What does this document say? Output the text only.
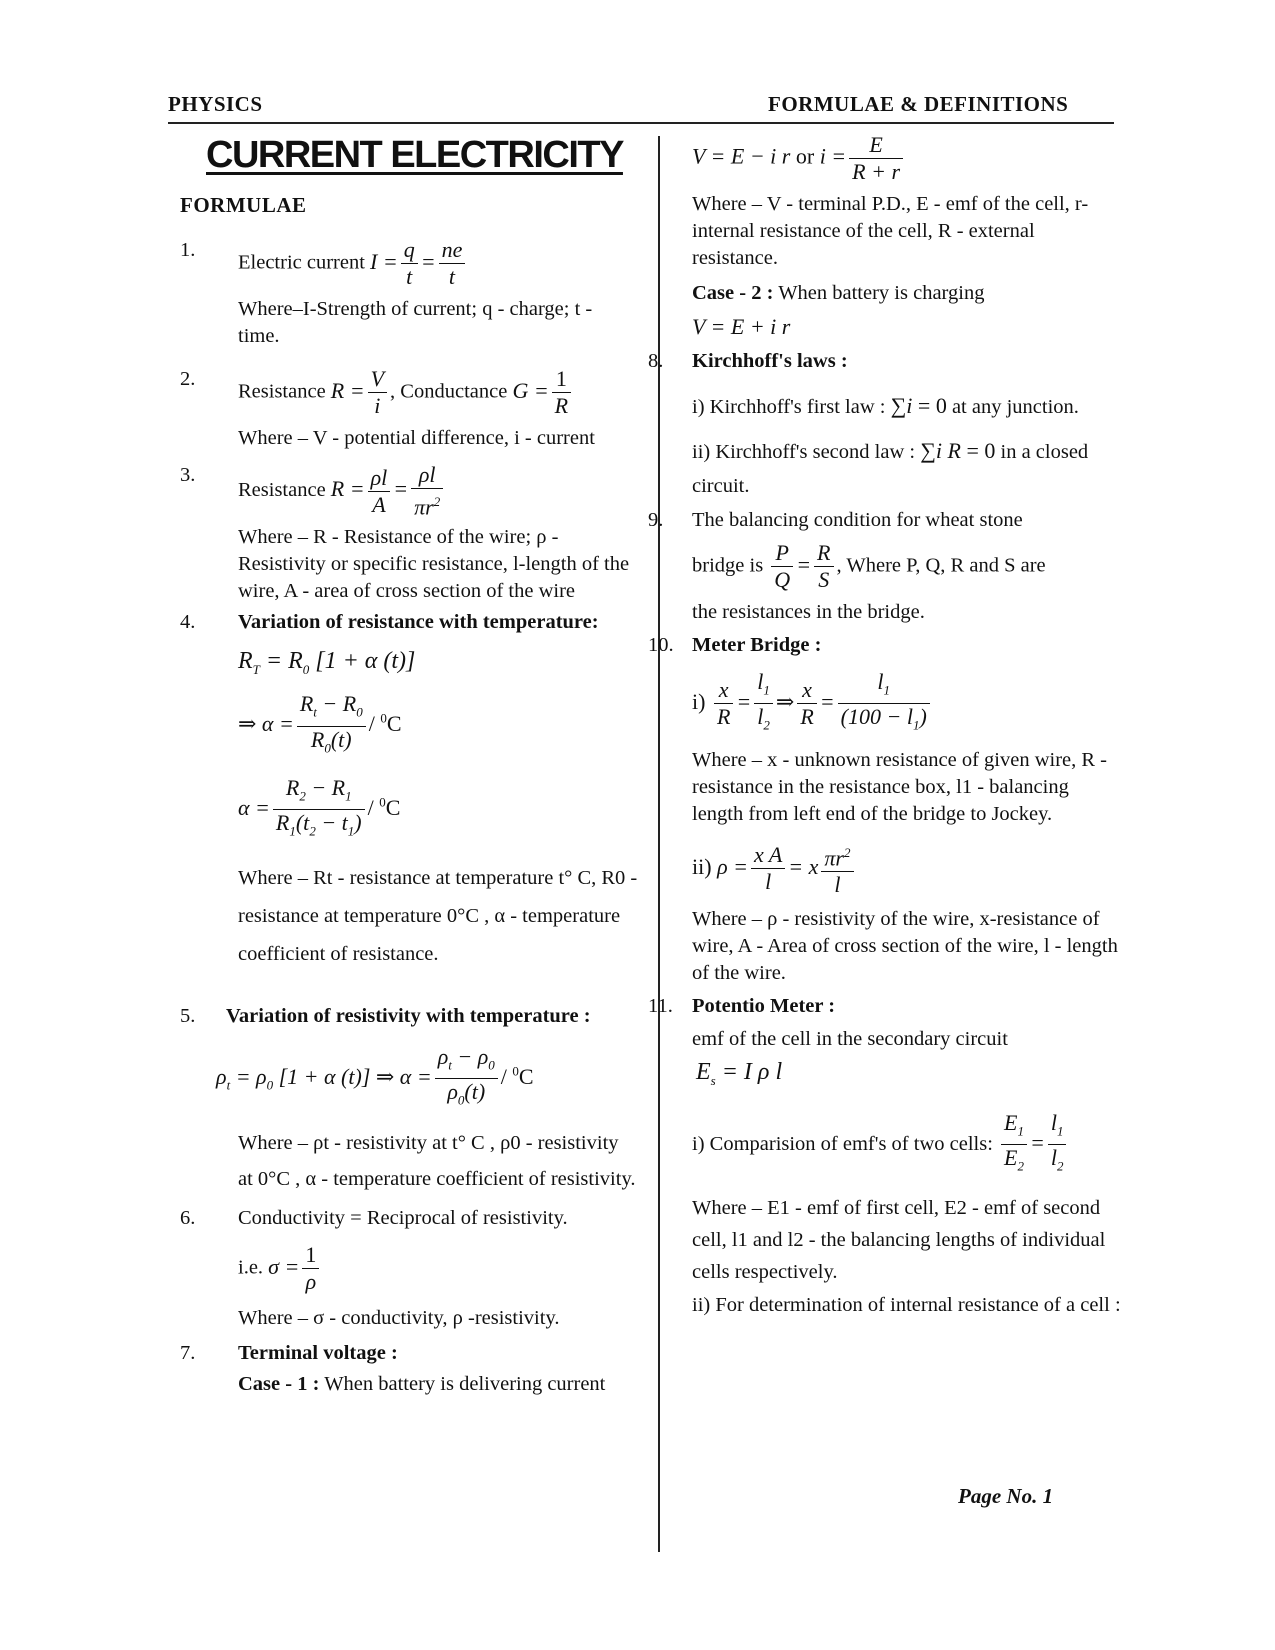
PHYSICS	FORMULAE & DEFINITIONS
CURRENT ELECTRICITY
FORMULAE
1.
Electric current $I = \frac{q}{t} = \frac{ne}{t}$
Where–I-Strength of current; q - charge; t - time.
2.
Resistance $R = \frac{V}{i}$ , Conductance $G = \frac{1}{R}$
Where – V - potential difference, i - current
3.
Resistance $R = \frac{\rho l}{A} = \frac{\rho l}{\pi r^2}$
Where – R - Resistance of the wire; ρ - Resistivity or specific resistance, l-length of the wire, A - area of cross section of the wire
4. Variation of resistance with temperature:
$R_T = R_0$ [1 + α (t)]
⇒ $\alpha = \frac{R_t - R_0}{R_0(t)} / ^0C$
$\alpha = \frac{R_2 - R_1}{R_1(t_2 - t_1)} / ^0C$
Where – Rt - resistance at temperature t° C, R0 - resistance at temperature 0°C , α - temperature coefficient of resistance.
5. Variation of resistivity with temperature :
$\rho_t = \rho_0$ [1 + α (t)] ⇒ $\alpha = \frac{\rho_t - \rho_0}{\rho_0(t)} / ^0C$
Where – ρt - resistivity at t° C , ρ0 - resistivity at 0°C , α - temperature coefficient of resistivity.
6. Conductivity = Reciprocal of resistivity.
i.e. $\sigma = \frac{1}{\rho}$
Where – σ - conductivity, ρ -resistivity.
7. Terminal voltage :
Case - 1 : When battery is delivering current
V = E − i r or $i = \frac{E}{R + r}$
Where – V - terminal P.D., E - emf of the cell, r-internal resistance of the cell, R - external resistance.
Case - 2 : When battery is charging
V = E + i r
8. Kirchhoff's laws :
i) Kirchhoff's first law : ∑i = 0 at any junction.
ii) Kirchhoff's second law : ∑i R = 0 in a closed circuit.
9. The balancing condition for wheat stone
bridge is $\frac{P}{Q} = \frac{R}{S}$ , Where P, Q, R and S are
the resistances in the bridge.
10. Meter Bridge :
$i) \frac{x}{R} = \frac{l_1}{l_2}$ ⇒ $\frac{x}{R} = \frac{l_1}{(100 - l_1)}$
Where – x - unknown resistance of given wire, R - resistance in the resistance box, l1 - balancing length from left end of the bridge to Jockey.
ii) $\rho = \frac{\text{x A}}{l} = x \frac{\pi r^2}{l}$
Where – ρ - resistivity of the wire, x-resistance of wire, A - Area of cross section of the wire, l - length of the wire.
11. Potentio Meter :
emf of the cell in the secondary circuit
$E_s = I$ ρ l
i) Comparision of emf's of two cells: $\frac{E_1}{E_2} = \frac{l_1}{l_2}$
Where – E1 - emf of first cell, E2 - emf of second cell, l1 and l2 - the balancing lengths of individual cells respectively.
ii) For determination of internal resistance of a cell :
Page No. 1
